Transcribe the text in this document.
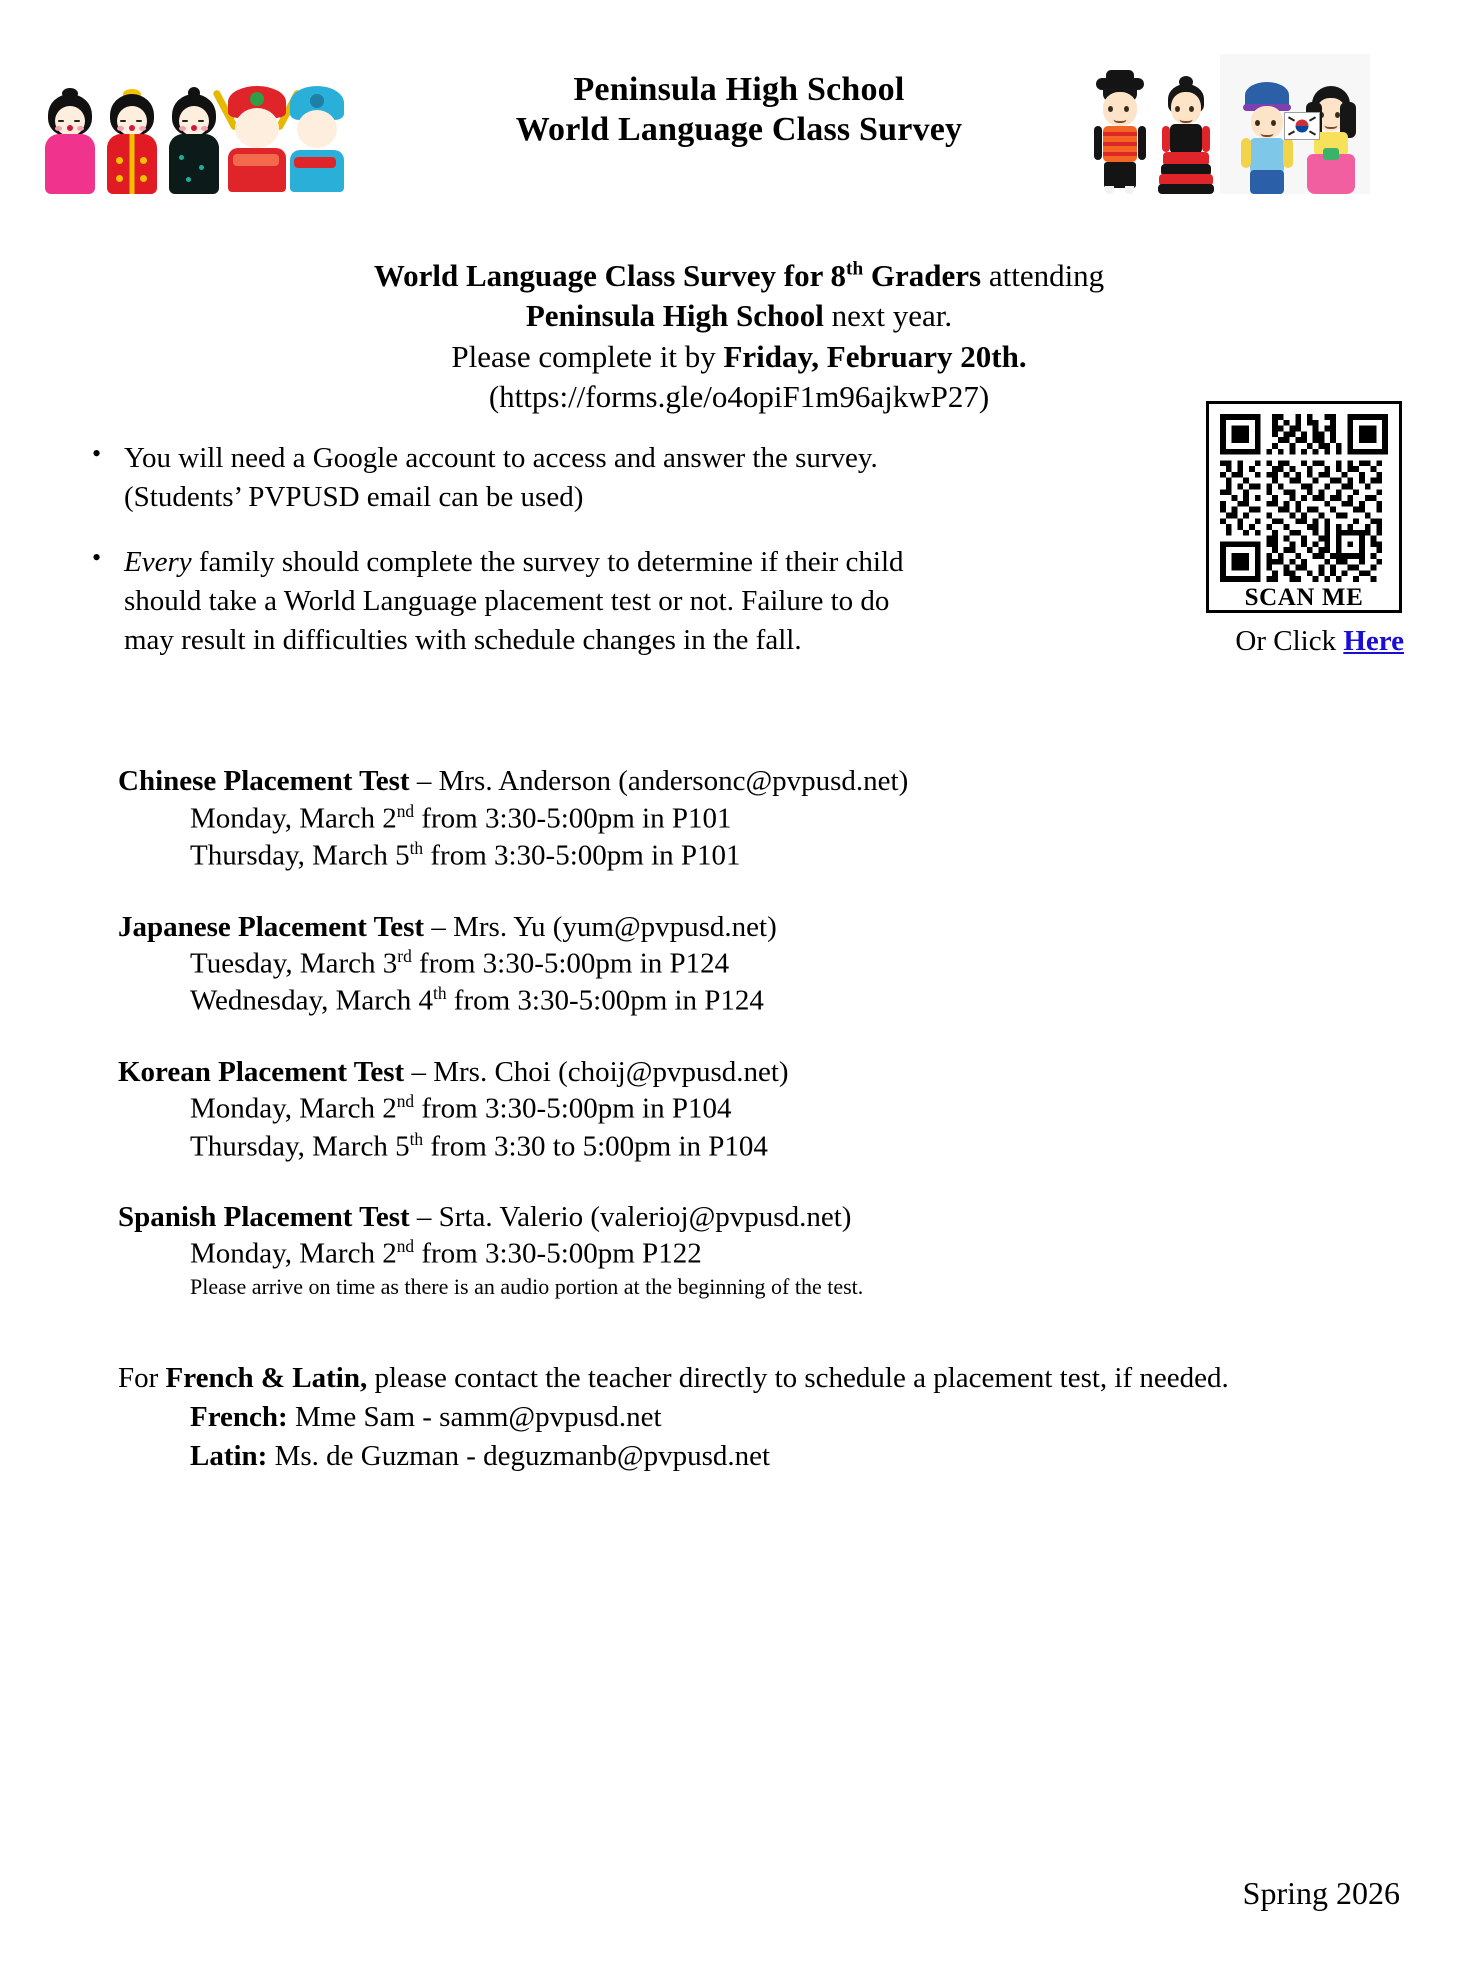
Peninsula High School
World Language Class Survey
World Language Class Survey for 8th Graders attending
Peninsula High School next year.
Please complete it by Friday, February 20th.
(https://forms.gle/o4opiF1m96ajkwP27)
• You will need a Google account to access and answer the survey. (Students’ PVPUSD email can be used)
• Every family should complete the survey to determine if their child should take a World Language placement test or not. Failure to do may result in difficulties with schedule changes in the fall.
SCAN ME
Or Click Here
Chinese Placement Test – Mrs. Anderson (andersonc@pvpusd.net)
Monday, March 2nd from 3:30-5:00pm in P101
Thursday, March 5th from 3:30-5:00pm in P101
Japanese Placement Test – Mrs. Yu (yum@pvpusd.net)
Tuesday, March 3rd from 3:30-5:00pm in P124
Wednesday, March 4th from 3:30-5:00pm in P124
Korean Placement Test – Mrs. Choi (choij@pvpusd.net)
Monday, March 2nd from 3:30-5:00pm in P104
Thursday, March 5th from 3:30 to 5:00pm in P104
Spanish Placement Test – Srta. Valerio (valerioj@pvpusd.net)
Monday, March 2nd from 3:30-5:00pm P122
Please arrive on time as there is an audio portion at the beginning of the test.
For French & Latin, please contact the teacher directly to schedule a placement test, if needed.
French: Mme Sam - samm@pvpusd.net
Latin: Ms. de Guzman - deguzmanb@pvpusd.net
Spring 2026
